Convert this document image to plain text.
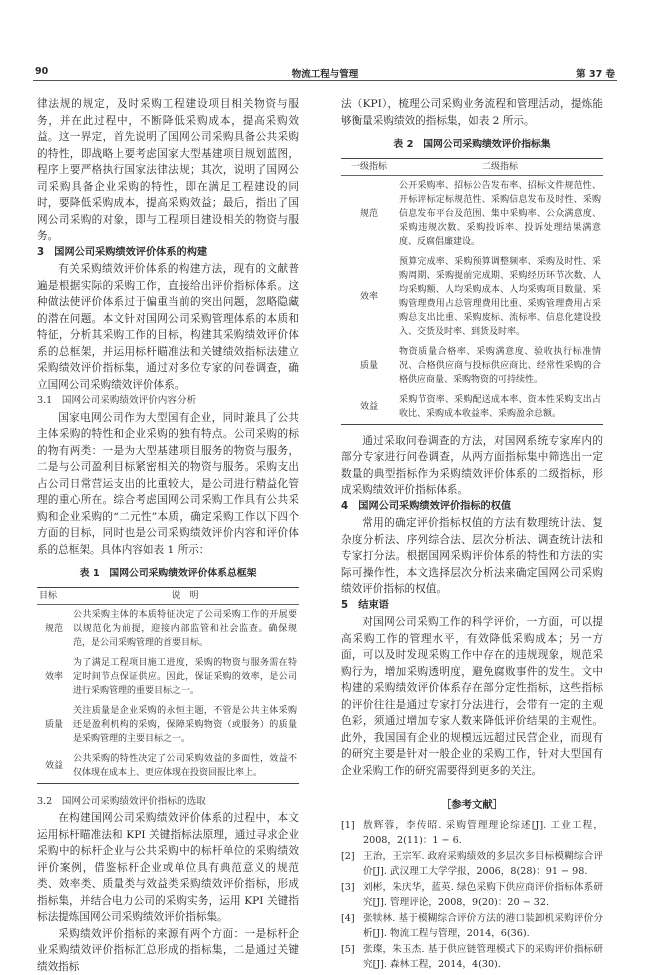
90	物流工程与管理	第 37 卷

律法规的规定，及时采购工程建设项目相关物资与服务，并在此过程中，不断降低采购成本，提高采购效益。这一界定，首先说明了国网公司采购具备公共采购的特性，即战略上要考虑国家大型基建项目规划蓝图，程序上要严格执行国家法律法规；其次，说明了国网公司采购具备企业采购的特性，即在满足工程建设的同时，要降低采购成本，提高采购效益；最后，指出了国网公司采购的对象，即与工程项目建设相关的物资与服务。

3　国网公司采购绩效评价体系的构建

有关采购绩效评价体系的构建方法，现有的文献普遍是根据实际的采购工作，直接给出评价指标体系。这种做法使评价体系过于偏重当前的突出问题，忽略隐藏的潜在问题。本文针对国网公司采购管理体系的本质和特征，分析其采购工作的目标，构建其采购绩效评价体系的总框架，并运用标杆瞄准法和关键绩效指标法建立采购绩效评价指标集，通过对多位专家的问卷调查，确立国网公司采购绩效评价体系。

3.1　国网公司采购绩效评价内容分析

国家电网公司作为大型国有企业，同时兼具了公共主体采购的特性和企业采购的独有特点。公司采购的标的物有两类：一是为大型基建项目服务的物资与服务，二是与公司盈利目标紧密相关的物资与服务。采购支出占公司日常营运支出的比重较大，是公司进行精益化管理的重心所在。综合考虑国网公司采购工作具有公共采购和企业采购的“二元性”本质，确定采购工作以下四个方面的目标，同时也是公司采购绩效评价内容和评价体系的总框架。具体内容如表 1 所示：

表 1　国网公司采购绩效评价体系总框架
目标	说　明
规范	公共采购主体的本质特征决定了公司采购工作的开展要以规范化为前提，迎接内部监管和社会监查。确保规范，是公司采购管理的首要目标。
效率	为了满足工程项目施工进度，采购的物资与服务需在特定时间节点保证供应。因此，保证采购的效率，是公司进行采购管理的重要目标之一。
质量	关注质量是企业采购的永恒主题，不管是公共主体采购还是盈利机构的采购，保障采购物资（或服务）的质量是采购管理的主要目标之一。
效益	公共采购的特性决定了公司采购效益的多面性，效益不仅体现在成本上、更应体现在投资回报比率上。

3.2　国网公司采购绩效评价指标的选取

在构建国网公司采购绩效评价体系的过程中，本文运用标杆瞄准法和 KPI 关键指标法原理，通过寻求企业采购中的标杆企业与公共采购中的标杆单位的采购绩效评价案例，借鉴标杆企业或单位具有典范意义的规范类、效率类、质量类与效益类采购绩效评价指标，形成指标集，并结合电力公司的采购实务，运用 KPI 关键指标法提炼国网公司采购绩效评价指标集。

采购绩效评价指标的来源有两个方面：一是标杆企业采购绩效评价指标汇总形成的指标集，二是通过关键绩效指标

法（KPI），梳理公司采购业务流程和管理活动，提炼能够衡量采购绩效的指标集，如表 2 所示。

表 2　国网公司采购绩效评价指标集
一级指标	二级指标
规范	公开采购率、招标公告发布率、招标文件规范性、开标评标定标规范性、采购信息发布及时性、采购信息发布平台及范围、集中采购率、公众满意度、采购违规次数、采购投诉率、投诉处理结果满意度、反腐倡廉建设。
效率	预算完成率、采购预算调整频率、采购及时性、采购周期、采购提前完成期、采购经历环节次数、人均采购额、人均采购成本、人均采购项目数量、采购管理费用占总管理费用比重、采购管理费用占采购总支出比重、采购废标、流标率、信息化建设投入、交货及时率、到货及时率。
质量	物资质量合格率、采购满意度、验收执行标准情况、合格供应商与投标供应商比、经常性采购的合格供应商量、采购物资的可持续性。
效益	采购节资率、采购配送成本率、资本性采购支出占收比、采购成本收益率、采购盈余总额。

通过采取问卷调查的方法，对国网系统专家库内的部分专家进行问卷调查，从两方面指标集中筛选出一定数量的典型指标作为采购绩效评价体系的二级指标，形成采购绩效评价指标体系。

4　国网公司采购绩效评价指标的权值

常用的确定评价指标权值的方法有数理统计法、复杂度分析法、序列综合法、层次分析法、调查统计法和专家打分法。根据国网采购评价体系的特性和方法的实际可操作性，本文选择层次分析法来确定国网公司采购绩效评价指标的权值。

5　结束语

对国网公司采购工作的科学评价，一方面，可以提高采购工作的管理水平，有效降低采购成本；另一方面，可以及时发现采购工作中存在的违规现象，规范采购行为，增加采购透明度，避免腐败事件的发生。文中构建的采购绩效评价体系存在部分定性指标，这些指标的评价往往是通过专家打分法进行，会带有一定的主观色彩，须通过增加专家人数来降低评价结果的主观性。此外，我国国有企业的规模远远超过民营企业，而现有的研究主要是针对一般企业的采购工作，针对大型国有企业采购工作的研究需要得到更多的关注。

［参考文献］
[1] 敖辉蓉，李传昭. 采购管理理论综述[J]. 工业工程，2008，2(11)：1 − 6.
[2] 王治，王宗军. 政府采购绩效的多层次多目标模糊综合评价[J]. 武汉理工大学学报，2006，8(28)：91 − 98.
[3] 刘彬，朱庆华，蓝英. 绿色采购下供应商评价指标体系研究[J]. 管理评论，2008，9(20)：20 − 32.
[4] 张犊林. 基于模糊综合评价方法的港口装卸机采购评价分析[J]. 物流工程与管理，2014，6(36).
[5] 张璨，朱玉杰. 基于供应链管理模式下的采购评价指标研究[J]. 森林工程，2014，4(30).
